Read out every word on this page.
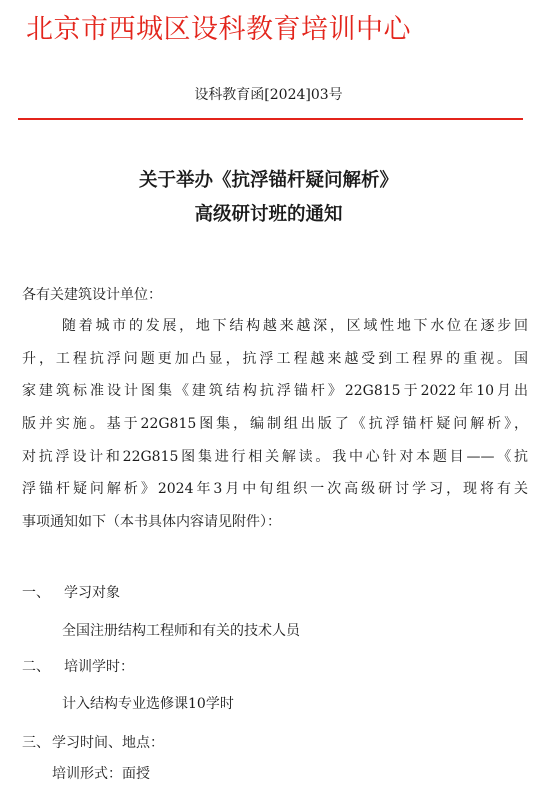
北京市西城区设科教育培训中心
设科教育函[2024]03号
关于举办《抗浮锚杆疑问解析》
高级研讨班的通知
各有关建筑设计单位：
随着城市的发展，地下结构越来越深，区域性地下水位在逐步回
升，工程抗浮问题更加凸显，抗浮工程越来越受到工程界的重视。国
家建筑标准设计图集《建筑结构抗浮锚杆》22G815于2022年10月出
版并实施。基于22G815图集，编制组出版了《抗浮锚杆疑问解析》，
对抗浮设计和22G815图集进行相关解读。我中心针对本题目——《抗
浮锚杆疑问解析》2024年3月中旬组织一次高级研讨学习，现将有关
事项通知如下（本书具体内容请见附件）：
一、 学习对象
全国注册结构工程师和有关的技术人员
二、 培训学时：
计入结构专业选修课10学时
三、 学习时间、地点：
培训形式：面授
